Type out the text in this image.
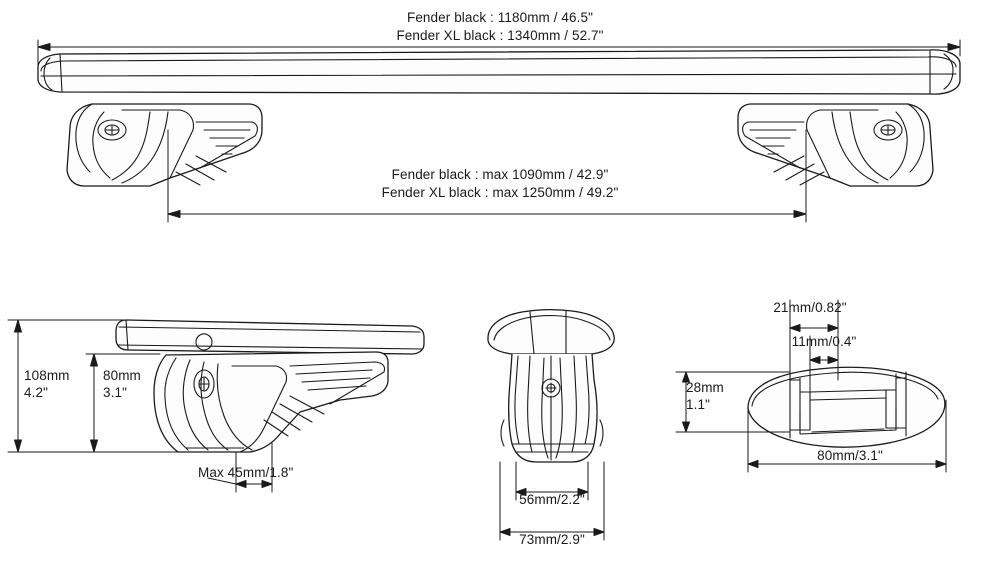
Fender black : 1180mm / 46.5"
Fender XL black : 1340mm / 52.7"
Fender black : max 1090mm / 42.9"
Fender XL black : max 1250mm / 49.2"
108mm
4.2"
80mm
3.1"
Max 45mm/1.8"
56mm/2.2"
73mm/2.9"
21mm/0.82"
11mm/0.4"
28mm
1.1"
80mm/3.1"
